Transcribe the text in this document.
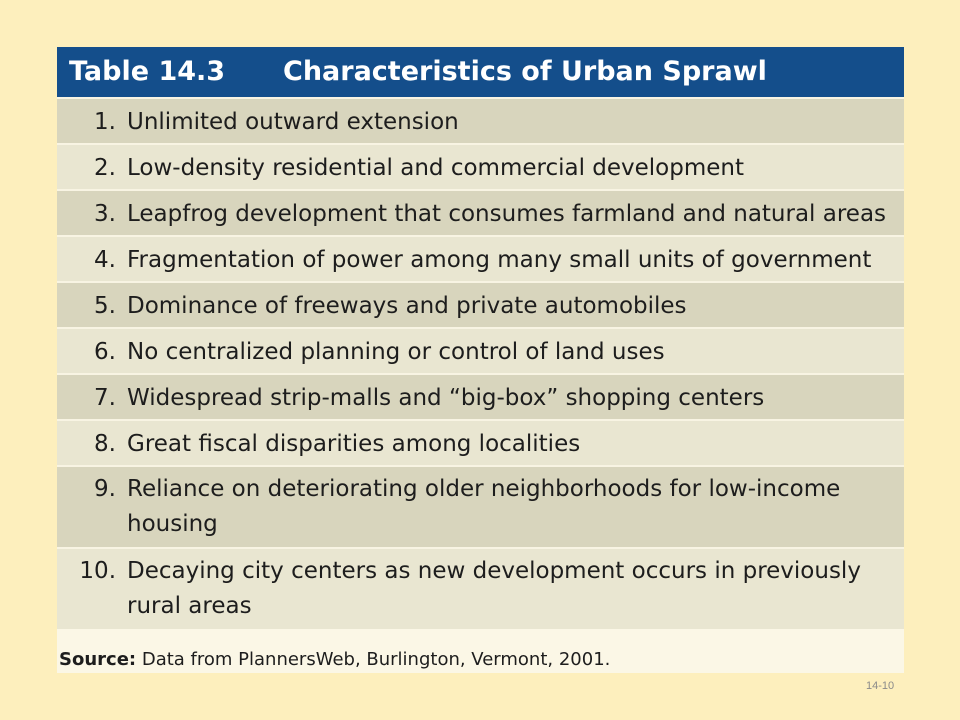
Table 14.3 Characteristics of Urban Sprawl
1. Unlimited outward extension
2. Low-density residential and commercial development
3. Leapfrog development that consumes farmland and natural areas
4. Fragmentation of power among many small units of government
5. Dominance of freeways and private automobiles
6. No centralized planning or control of land uses
7. Widespread strip-malls and “big-box” shopping centers
8. Great fiscal disparities among localities
9. Reliance on deteriorating older neighborhoods for low-income housing
10. Decaying city centers as new development occurs in previously rural areas
Source: Data from PlannersWeb, Burlington, Vermont, 2001.
14-10
